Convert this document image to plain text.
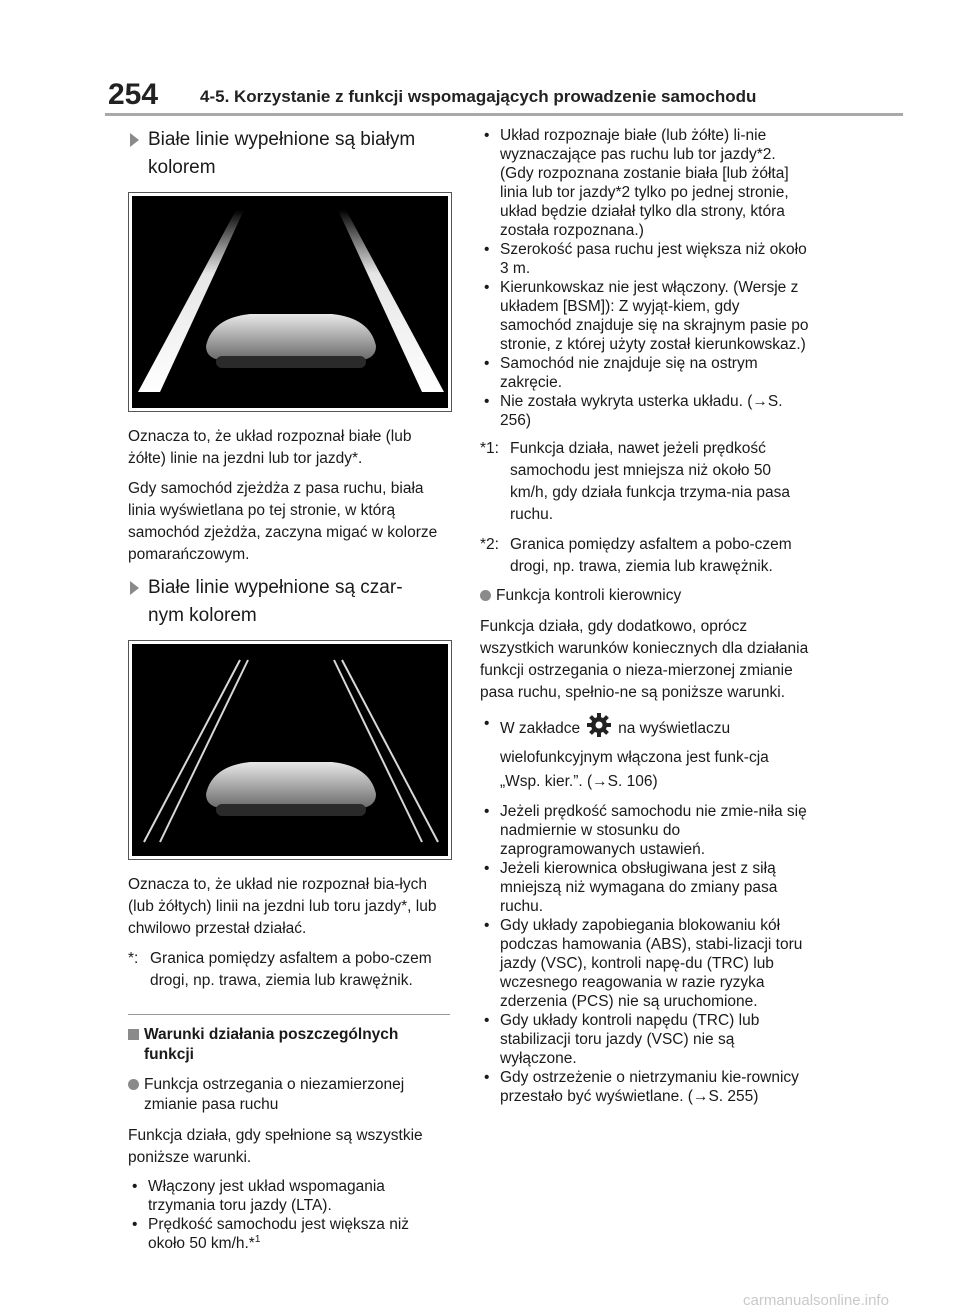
254 4-5. Korzystanie z funkcji wspomagających prowadzenie samochodu
Białe linie wypełnione są białym
kolorem

Oznacza to, że układ rozpoznał białe (lub żółte) linie na jezdni lub tor jazdy*.

Gdy samochód zjeżdża z pasa ruchu, biała linia wyświetlana po tej stronie, w którą samochód zjeżdża, zaczyna migać w kolorze pomarańczowym.

Białe linie wypełnione są czar-
nym kolorem

Oznacza to, że układ nie rozpoznał bia-łych (lub żółtych) linii na jezdni lub toru jazdy*, lub chwilowo przestał działać.

*: Granica pomiędzy asfaltem a pobo-czem drogi, np. trawa, ziemia lub krawężnik.
Warunki działania poszczególnych funkcji
Funkcja ostrzegania o niezamierzonej zmianie pasa ruchu

Funkcja działa, gdy spełnione są wszystkie poniższe warunki.

• Włączony jest układ wspomagania trzymania toru jazdy (LTA).
• Prędkość samochodu jest większa niż około 50 km/h.*$^1$
• Układ rozpoznaje białe (lub żółte) li-nie wyznaczające pas ruchu lub tor jazdy*2. (Gdy rozpoznana zostanie biała [lub żółta] linia lub tor jazdy*2 tylko po jednej stronie, układ będzie działał tylko dla strony, która została rozpoznana.)
• Szerokość pasa ruchu jest większa niż około 3 m.
• Kierunkowskaz nie jest włączony. (Wersje z układem [BSM]): Z wyjąt-kiem, gdy samochód znajduje się na skrajnym pasie po stronie, z której użyty został kierunkowskaz.)
• Samochód nie znajduje się na ostrym zakręcie.
• Nie została wykryta usterka układu. (→S. 256)
*1: Funkcja działa, nawet jeżeli prędkość samochodu jest mniejsza niż około 50 km/h, gdy działa funkcja trzyma-nia pasa ruchu.
*2: Granica pomiędzy asfaltem a pobo-czem drogi, np. trawa, ziemia lub krawężnik.
Funkcja kontroli kierownicy

Funkcja działa, gdy dodatkowo, oprócz wszystkich warunków koniecznych dla działania funkcji ostrzegania o nieza-mierzonej zmianie pasa ruchu, spełnio-ne są poniższe warunki.

• W zakładce na wyświetlaczu
wielofunkcyjnym włączona jest funk-cja „Wsp. kier.”. (→S. 106)
• Jeżeli prędkość samochodu nie zmie-niła się nadmiernie w stosunku do zaprogramowanych ustawień.
• Jeżeli kierownica obsługiwana jest z siłą mniejszą niż wymagana do zmiany pasa ruchu.
• Gdy układy zapobiegania blokowaniu kół podczas hamowania (ABS), stabi-lizacji toru jazdy (VSC), kontroli napę-du (TRC) lub wczesnego reagowania w razie ryzyka zderzenia (PCS) nie są uruchomione.
• Gdy układy kontroli napędu (TRC) lub stabilizacji toru jazdy (VSC) nie są wyłączone.
• Gdy ostrzeżenie o nietrzymaniu kie-rownicy przestało być wyświetlane. (→S. 255)
carmanualsonline.info
